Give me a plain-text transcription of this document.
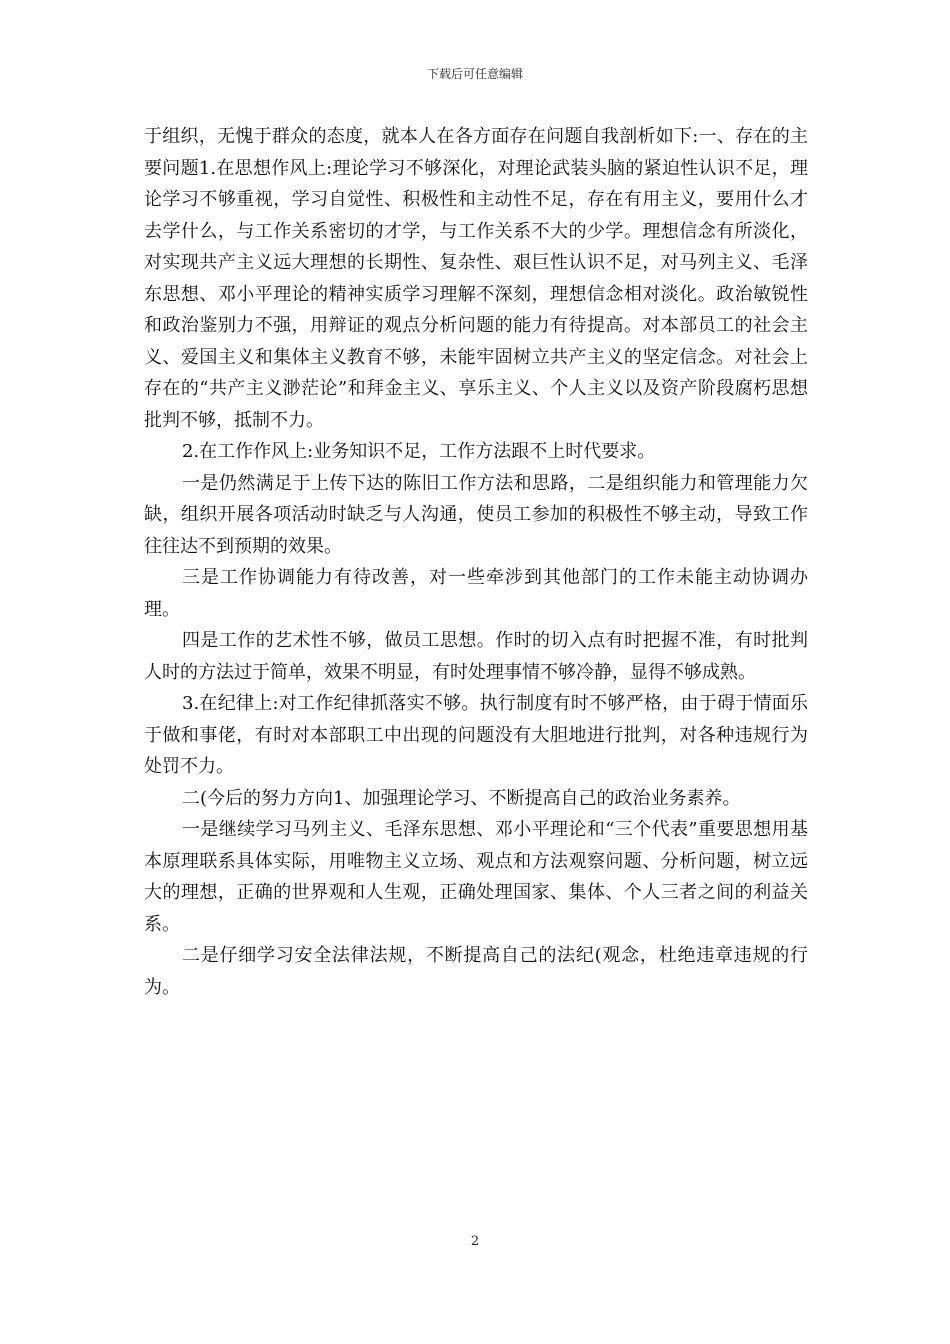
下载后可任意编辑

于组织，无愧于群众的态度，就本人在各方面存在问题自我剖析如下:一、存在的主要问题1.在思想作风上:理论学习不够深化，对理论武装头脑的紧迫性认识不足，理论学习不够重视，学习自觉性、积极性和主动性不足，存在有用主义，要用什么才去学什么，与工作关系密切的才学，与工作关系不大的少学。理想信念有所淡化，对实现共产主义远大理想的长期性、复杂性、艰巨性认识不足，对马列主义、毛泽东思想、邓小平理论的精神实质学习理解不深刻，理想信念相对淡化。政治敏锐性和政治鉴别力不强，用辩证的观点分析问题的能力有待提高。对本部员工的社会主义、爱国主义和集体主义教育不够，未能牢固树立共产主义的坚定信念。对社会上存在的“共产主义渺茫论”和拜金主义、享乐主义、个人主义以及资产阶段腐朽思想批判不够，抵制不力。

2.在工作作风上:业务知识不足，工作方法跟不上时代要求。

一是仍然满足于上传下达的陈旧工作方法和思路，二是组织能力和管理能力欠缺，组织开展各项活动时缺乏与人沟通，使员工参加的积极性不够主动，导致工作往往达不到预期的效果。

三是工作协调能力有待改善，对一些牵涉到其他部门的工作未能主动协调办理。

四是工作的艺术性不够，做员工思想。作时的切入点有时把握不准，有时批判人时的方法过于简单，效果不明显，有时处理事情不够冷静，显得不够成熟。

3.在纪律上:对工作纪律抓落实不够。执行制度有时不够严格，由于碍于情面乐于做和事佬，有时对本部职工中出现的问题没有大胆地进行批判，对各种违规行为处罚不力。

二(今后的努力方向1、加强理论学习、不断提高自己的政治业务素养。

一是继续学习马列主义、毛泽东思想、邓小平理论和“三个代表”重要思想用基本原理联系具体实际，用唯物主义立场、观点和方法观察问题、分析问题，树立远大的理想，正确的世界观和人生观，正确处理国家、集体、个人三者之间的利益关系。

二是仔细学习安全法律法规，不断提高自己的法纪(观念，杜绝违章违规的行为。

2
